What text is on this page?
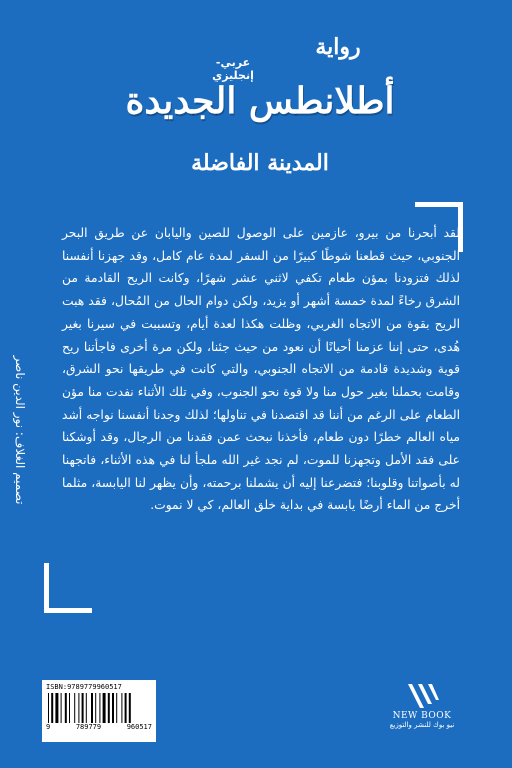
رواية
عربي-إنجليزي
أطلانطس الجديدة
المدينة الفاضلة

لقد أبحرنا من بيرو، عازمين على الوصول للصين واليابان عن طريق البحر الجنوبي، حيث قطعنا شوطًا كبيرًا من السفر لمدة عام كامل، وقد جهزنا أنفسنا لذلك فتزودنا بمؤن طعام تكفي لاثني عشر شهرًا، وكانت الريح القادمة من الشرق رخاءً لمدة خمسة أشهر أو يزيد، ولكن دوام الحال من المُحال، فقد هبت الريح بقوة من الاتجاه الغربي، وظلت هكذا لعدة أيام، وتسببت في سيرنا بغير هُدى، حتى إننا عزمنا أحيانًا أن نعود من حيث جئنا، ولكن مرة أخرى فاجأتنا ريح قوية وشديدة قادمة من الاتجاه الجنوبي، والتي كانت في طريقها نحو الشرق، وقامت بحملنا بغير حول منا ولا قوة نحو الجنوب، وفي تلك الأثناء نفدت منا مؤن الطعام على الرغم من أننا قد اقتصدنا في تناولها؛ لذلك وجدنا أنفسنا نواجه أشد مياه العالم خطرًا دون طعام، فأخذنا نبحث عمن فقدنا من الرجال، وقد أوشكنا على فقد الأمل وتجهزنا للموت، لم نجد غير الله ملجأ لنا في هذه الأثناء، فاتجهنا له بأصواتنا وقلوبنا؛ فتضرعنا إليه أن يشملنا برحمته، وأن يظهر لنا اليابسة، مثلما أخرج من الماء أرضًا يابسة في بداية خلق العالم، كي لا نموت.

تصميم الغلاف: نور الدين ناصر
ISBN:9789779960517
9	789779	960517
NEW BOOK
نيو بوك للنشر والتوزيع
